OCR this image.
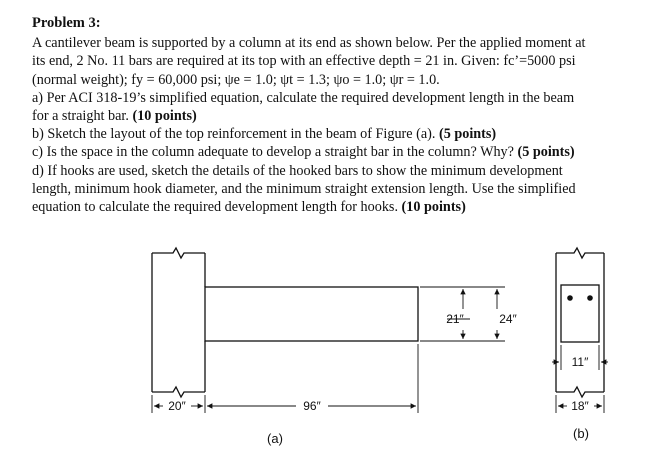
Problem 3:
A cantilever beam is supported by a column at its end as shown below. Per the applied moment at
its end, 2 No. 11 bars are required at its top with an effective depth = 21 in. Given: fc’=5000 psi
(normal weight); fy = 60,000 psi; ψe = 1.0; ψt = 1.3; ψo = 1.0; ψr = 1.0.
a) Per ACI 318-19’s simplified equation, calculate the required development length in the beam
for a straight bar. (10 points)
b) Sketch the layout of the top reinforcement in the beam of Figure (a). (5 points)
c) Is the space in the column adequate to develop a straight bar in the column? Why? (5 points)
d) If hooks are used, sketch the details of the hooked bars to show the minimum development
length, minimum hook diameter, and the minimum straight extension length. Use the simplified
equation to calculate the required development length for hooks. (10 points)
21″	24″
20″	96″
(a)
11″
18″
(b)
